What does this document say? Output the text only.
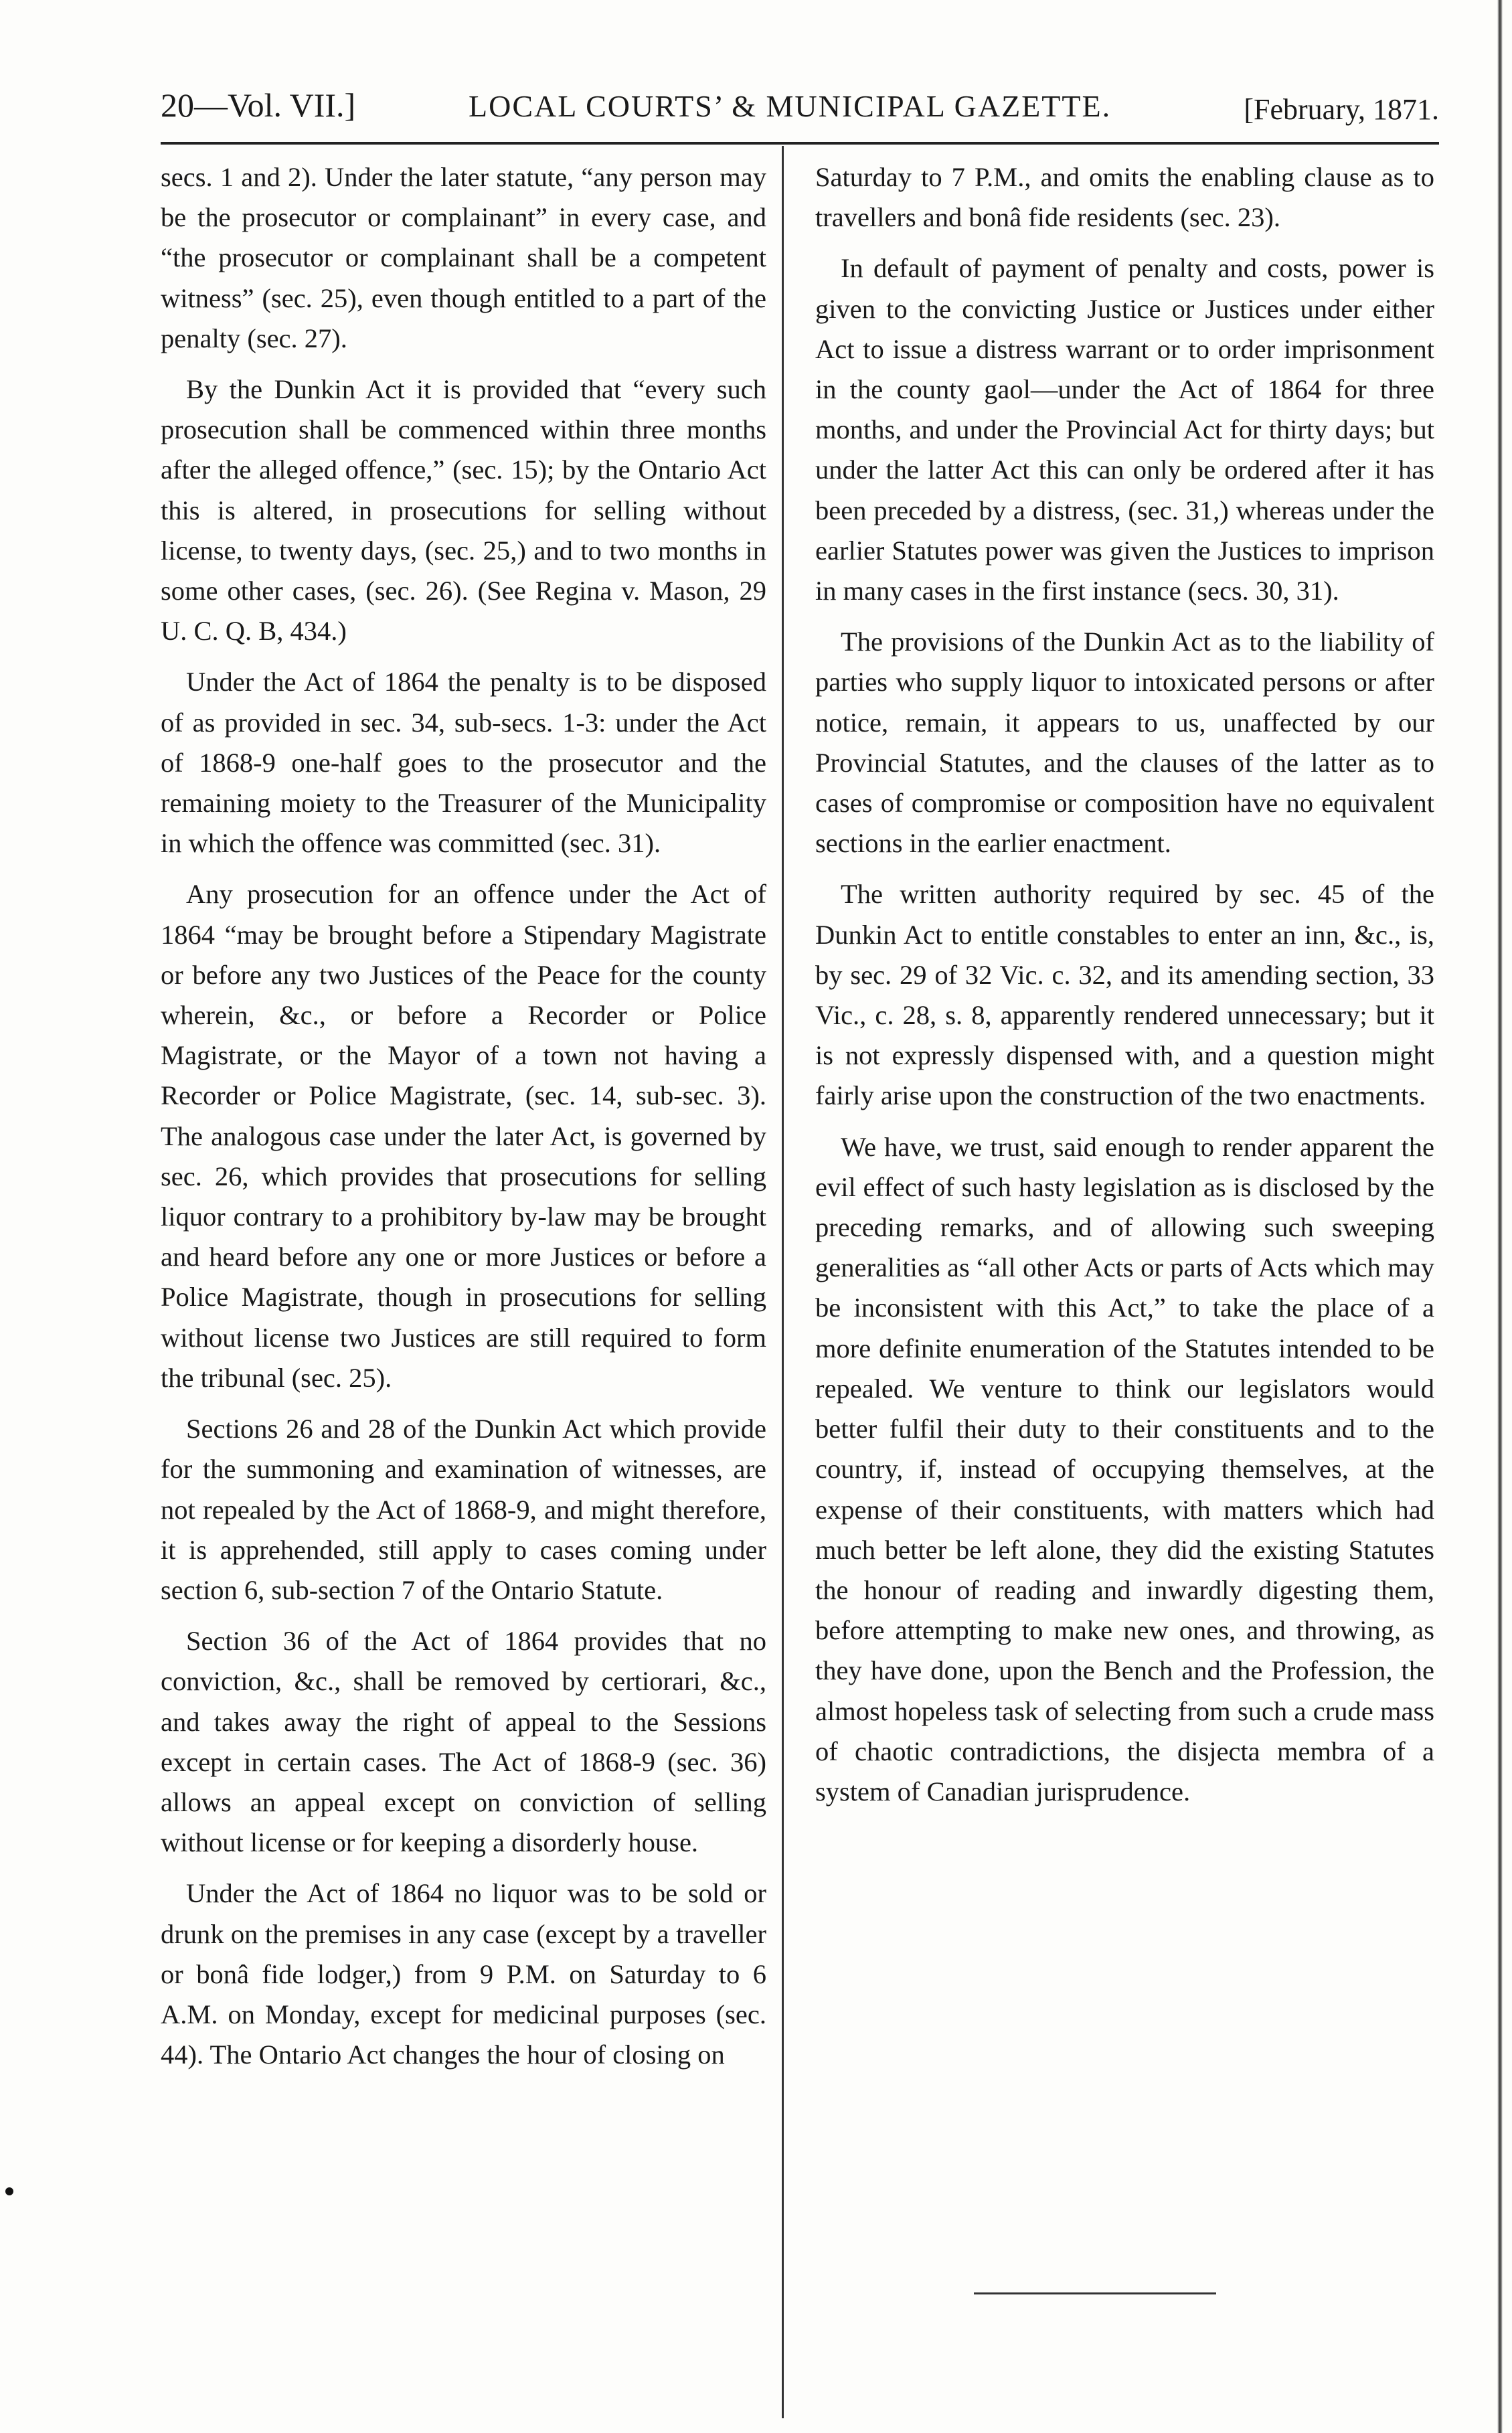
20—Vol. VII.]	LOCAL COURTS’ & MUNICIPAL GAZETTE.	[February, 1871.

secs. 1 and 2). Under the later statute, “any person may be the prosecutor or complainant” in every case, and “the prosecutor or complainant shall be a competent witness” (sec. 25), even though entitled to a part of the penalty (sec. 27).

By the Dunkin Act it is provided that “every such prosecution shall be commenced within three months after the alleged offence,” (sec. 15); by the Ontario Act this is altered, in prosecutions for selling without license, to twenty days, (sec. 25,) and to two months in some other cases, (sec. 26). (See Regina v. Mason, 29 U. C. Q. B, 434.)

Under the Act of 1864 the penalty is to be disposed of as provided in sec. 34, sub-secs. 1-3: under the Act of 1868-9 one-half goes to the prosecutor and the remaining moiety to the Treasurer of the Municipality in which the offence was committed (sec. 31).

Any prosecution for an offence under the Act of 1864 “may be brought before a Stipendary Magistrate or before any two Justices of the Peace for the county wherein, &c., or before a Recorder or Police Magistrate, or the Mayor of a town not having a Recorder or Police Magistrate, (sec. 14, sub-sec. 3). The analogous case under the later Act, is governed by sec. 26, which provides that prosecutions for selling liquor contrary to a prohibitory by-law may be brought and heard before any one or more Justices or before a Police Magistrate, though in prosecutions for selling without license two Justices are still required to form the tribunal (sec. 25).

Sections 26 and 28 of the Dunkin Act which provide for the summoning and examination of witnesses, are not repealed by the Act of 1868-9, and might therefore, it is apprehended, still apply to cases coming under section 6, sub-section 7 of the Ontario Statute.

Section 36 of the Act of 1864 provides that no conviction, &c., shall be removed by certiorari, &c., and takes away the right of appeal to the Sessions except in certain cases. The Act of 1868-9 (sec. 36) allows an appeal except on conviction of selling without license or for keeping a disorderly house.

Under the Act of 1864 no liquor was to be sold or drunk on the premises in any case (except by a traveller or bonâ fide lodger,) from 9 P.M. on Saturday to 6 A.M. on Monday, except for medicinal purposes (sec. 44). The Ontario Act changes the hour of closing on

Saturday to 7 P.M., and omits the enabling clause as to travellers and bonâ fide residents (sec. 23).

In default of payment of penalty and costs, power is given to the convicting Justice or Justices under either Act to issue a distress warrant or to order imprisonment in the county gaol—under the Act of 1864 for three months, and under the Provincial Act for thirty days; but under the latter Act this can only be ordered after it has been preceded by a distress, (sec. 31,) whereas under the earlier Statutes power was given the Justices to imprison in many cases in the first instance (secs. 30, 31).

The provisions of the Dunkin Act as to the liability of parties who supply liquor to intoxicated persons or after notice, remain, it appears to us, unaffected by our Provincial Statutes, and the clauses of the latter as to cases of compromise or composition have no equivalent sections in the earlier enactment.

The written authority required by sec. 45 of the Dunkin Act to entitle constables to enter an inn, &c., is, by sec. 29 of 32 Vic. c. 32, and its amending section, 33 Vic., c. 28, s. 8, apparently rendered unnecessary; but it is not expressly dispensed with, and a question might fairly arise upon the construction of the two enactments.

We have, we trust, said enough to render apparent the evil effect of such hasty legislation as is disclosed by the preceding remarks, and of allowing such sweeping generalities as “all other Acts or parts of Acts which may be inconsistent with this Act,” to take the place of a more definite enumeration of the Statutes intended to be repealed. We venture to think our legislators would better fulfil their duty to their constituents and to the country, if, instead of occupying themselves, at the expense of their constituents, with matters which had much better be left alone, they did the existing Statutes the honour of reading and inwardly digesting them, before attempting to make new ones, and throwing, as they have done, upon the Bench and the Profession, the almost hopeless task of selecting from such a crude mass of chaotic contradictions, the disjecta membra of a system of Canadian jurisprudence.
